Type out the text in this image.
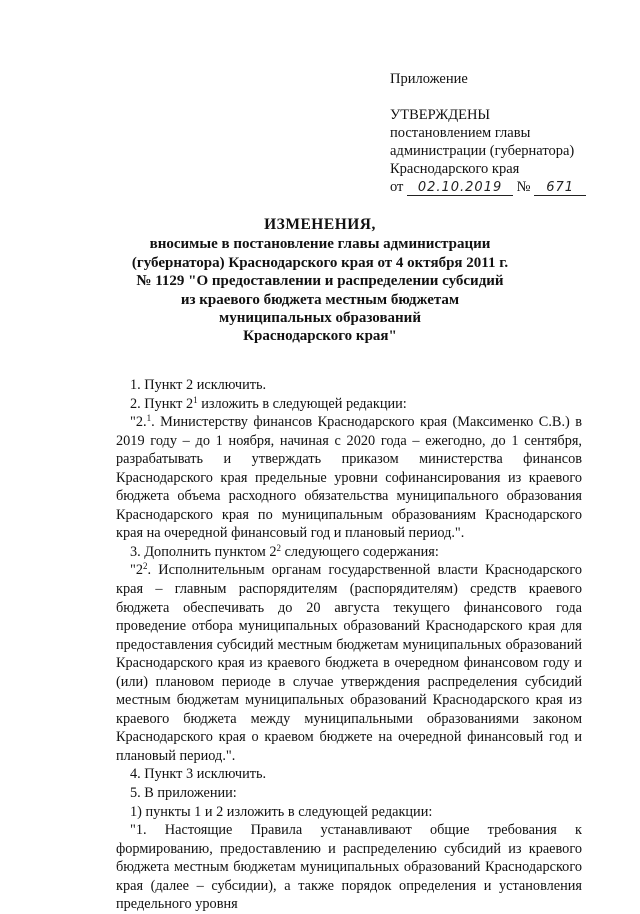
Приложение
УТВЕРЖДЕНЫ
постановлением главы
администрации (губернатора)
Краснодарского края
от 02.10.2019 № 671
ИЗМЕНЕНИЯ,
вносимые в постановление главы администрации
(губернатора) Краснодарского края от 4 октября 2011 г.
№ 1129 "О предоставлении и распределении субсидий
из краевого бюджета местным бюджетам
муниципальных образований
Краснодарского края"

1. Пункт 2 исключить.

2. Пункт $2^1$ изложить в следующей редакции:

"2.$^1$. Министерству финансов Краснодарского края (Максименко С.В.) в 2019 году – до 1 ноября, начиная с 2020 года – ежегодно, до 1 сентября, разрабатывать и утверждать приказом министерства финансов Краснодарского края предельные уровни софинансирования из краевого бюджета объема расходного обязательства муниципального образования Краснодарского края по муниципальным образованиям Краснодарского края на очередной финансовый год и плановый период.".

3. Дополнить пунктом $2^2$ следующего содержания:

"$2^2$. Исполнительным органам государственной власти Краснодарского края – главным распорядителям (распорядителям) средств краевого бюджета обеспечивать до 20 августа текущего финансового года проведение отбора муниципальных образований Краснодарского края для предоставления субсидий местным бюджетам муниципальных образований Краснодарского края из краевого бюджета в очередном финансовом году и (или) плановом периоде в случае утверждения распределения субсидий местным бюджетам муниципальных образований Краснодарского края из краевого бюджета между муниципальными образованиями законом Краснодарского края о краевом бюджете на очередной финансовый год и плановый период.".

4. Пункт 3 исключить.

5. В приложении:

1) пункты 1 и 2 изложить в следующей редакции:

"1. Настоящие Правила устанавливают общие требования к формированию, предоставлению и распределению субсидий из краевого бюджета местным бюджетам муниципальных образований Краснодарского края (далее – субсидии), а также порядок определения и установления предельного уровня
